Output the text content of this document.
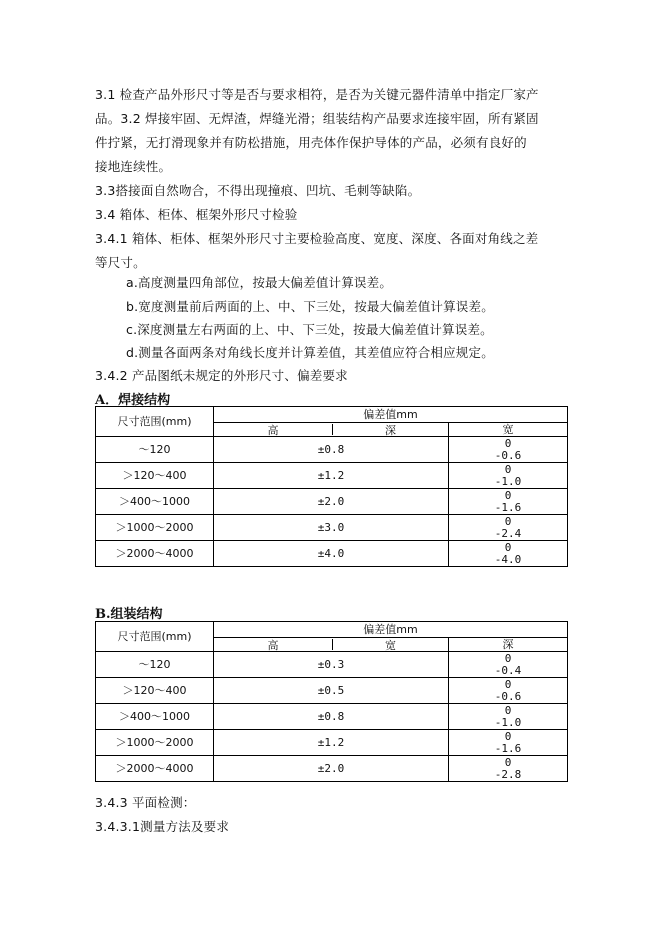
3.1 检查产品外形尺寸等是否与要求相符，是否为关键元器件清单中指定厂家产
品。3.2 焊接牢固、无焊渣，焊缝光滑；组装结构产品要求连接牢固，所有紧固
件拧紧，无打滑现象并有防松措施，用壳体作保护导体的产品，必须有良好的
接地连续性。
3.3搭接面自然吻合，不得出现撞痕、凹坑、毛刺等缺陷。
3.4 箱体、柜体、框架外形尺寸检验
3.4.1 箱体、柜体、框架外形尺寸主要检验高度、宽度、深度、各面对角线之差
等尺寸。
a.高度测量四角部位，按最大偏差值计算误差。
b.宽度测量前后两面的上、中、下三处，按最大偏差值计算误差。
c.深度测量左右两面的上、中、下三处，按最大偏差值计算误差。
d.测量各面两条对角线长度并计算差值，其差值应符合相应规定。
3.4.2 产品图纸未规定的外形尺寸、偏差要求
A．焊接结构
尺寸范围(mm)	偏差值mm	

	高 深	宽
～120	±0.8	0
-0.6

＞120～400	±1.2	0
-1.0

＞400～1000	±2.0	0
-1.6

＞1000～2000	±3.0	0
-2.4

＞2000～4000	±4.0	0
-4.0
B.组装结构
尺寸范围(mm)	偏差值mm	

	高 宽	深
～120	±0.3	0
-0.4

＞120～400	±0.5	0
-0.6

＞400～1000	±0.8	0
-1.0

＞1000～2000	±1.2	0
-1.6

＞2000～4000	±2.0	0
-2.8
3.4.3 平面检测：
3.4.3.1测量方法及要求
